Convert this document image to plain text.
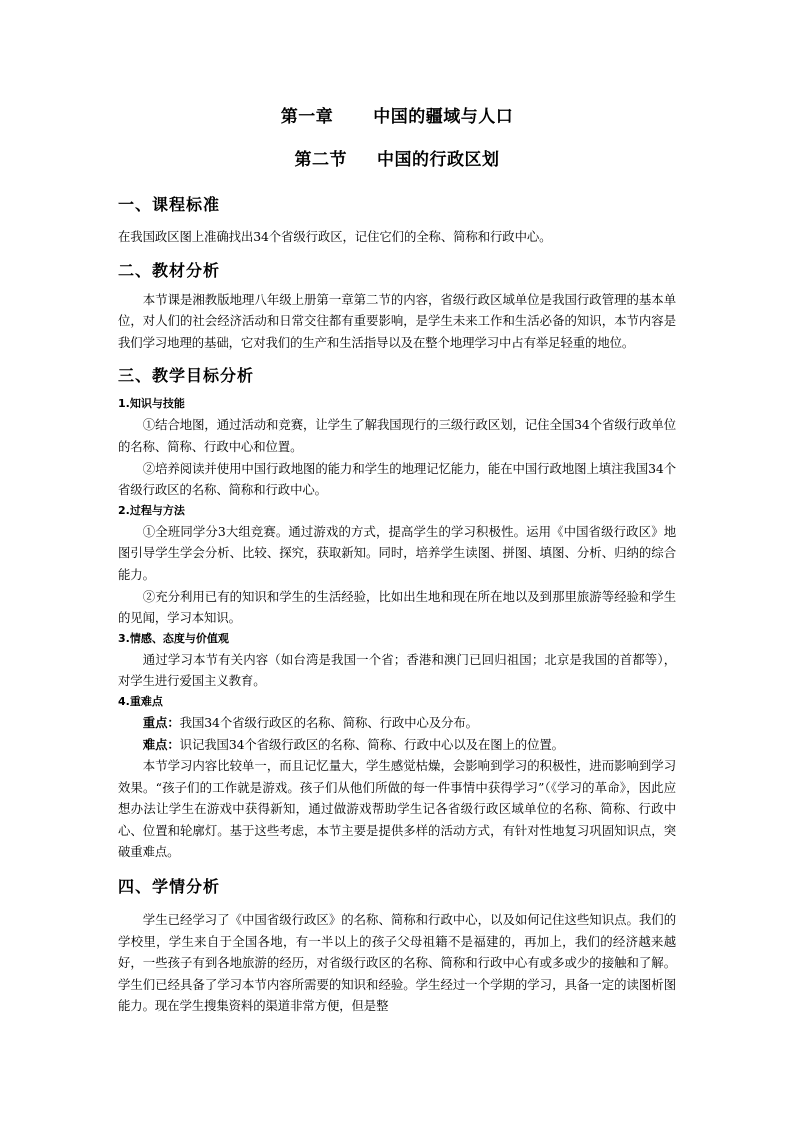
第一章 中国的疆域与人口
第二节 中国的行政区划
一、课程标准

在我国政区图上准确找出34个省级行政区，记住它们的全称、简称和行政中心。

二、教材分析

本节课是湘教版地理八年级上册第一章第二节的内容，省级行政区域单位是我国行政管理的基本单位，对人们的社会经济活动和日常交往都有重要影响，是学生未来工作和生活必备的知识，本节内容是我们学习地理的基础，它对我们的生产和生活指导以及在整个地理学习中占有举足轻重的地位。

三、教学目标分析
1.知识与技能

①结合地图，通过活动和竞赛，让学生了解我国现行的三级行政区划，记住全国34个省级行政单位的名称、简称、行政中心和位置。

②培养阅读并使用中国行政地图的能力和学生的地理记忆能力，能在中国行政地图上填注我国34个省级行政区的名称、简称和行政中心。

2.过程与方法

①全班同学分3大组竞赛。通过游戏的方式，提高学生的学习积极性。运用《中国省级行政区》地图引导学生学会分析、比较、探究，获取新知。同时，培养学生读图、拼图、填图、分析、归纳的综合能力。

②充分利用已有的知识和学生的生活经验，比如出生地和现在所在地以及到那里旅游等经验和学生的见闻，学习本知识。

3.情感、态度与价值观

通过学习本节有关内容（如台湾是我国一个省；香港和澳门已回归祖国；北京是我国的首都等），对学生进行爱国主义教育。

4.重难点

重点：我国34个省级行政区的名称、简称、行政中心及分布。

难点：识记我国34个省级行政区的名称、简称、行政中心以及在图上的位置。

本节学习内容比较单一，而且记忆量大，学生感觉枯燥，会影响到学习的积极性，进而影响到学习效果。“孩子们的工作就是游戏。孩子们从他们所做的每一件事情中获得学习”（《学习的革命》，因此应想办法让学生在游戏中获得新知，通过做游戏帮助学生记各省级行政区域单位的名称、简称、行政中心、位置和轮廓灯。基于这些考虑，本节主要是提供多样的活动方式，有针对性地复习巩固知识点，突破重难点。

四、学情分析

学生已经学习了《中国省级行政区》的名称、简称和行政中心，以及如何记住这些知识点。我们的学校里，学生来自于全国各地，有一半以上的孩子父母祖籍不是福建的，再加上，我们的经济越来越好，一些孩子有到各地旅游的经历，对省级行政区的名称、简称和行政中心有或多或少的接触和了解。学生们已经具备了学习本节内容所需要的知识和经验。学生经过一个学期的学习，具备一定的读图析图能力。现在学生搜集资料的渠道非常方便，但是整
